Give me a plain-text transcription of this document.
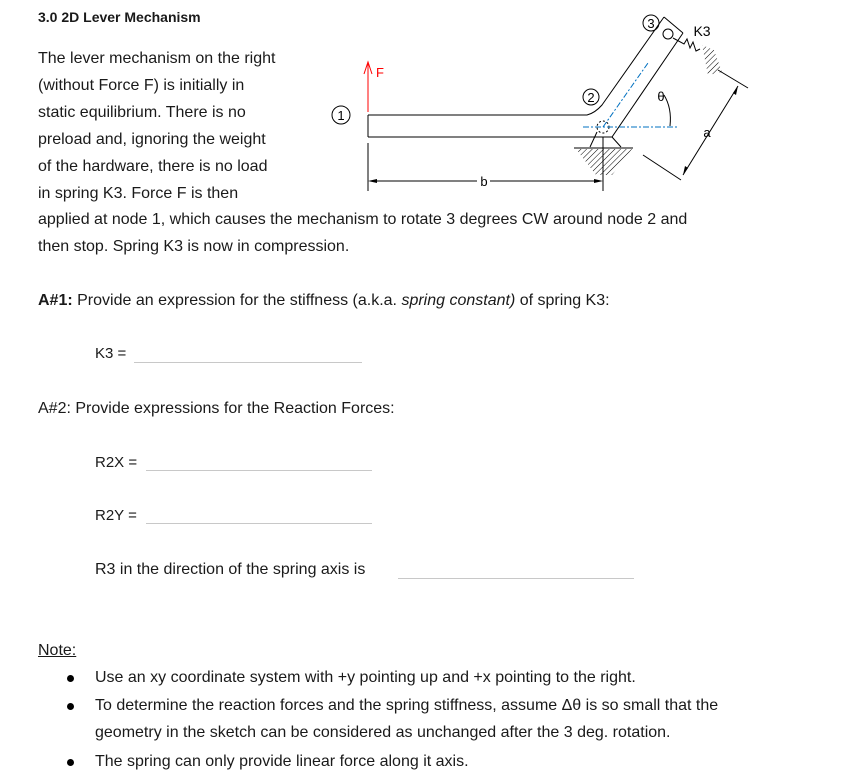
3.0 2D Lever Mechanism
The lever mechanism on the right
(without Force F) is initially in
static equilibrium. There is no
preload and, ignoring the weight
of the hardware, there is no load
in spring K3. Force F is then
applied at node 1, which causes the mechanism to rotate 3 degrees CW around node 2 and
then stop. Spring K3 is now in compression.
1
2
3
F
K3
θ
a
b
A#1: Provide an expression for the stiffness (a.k.a. spring constant) of spring K3:
K3 =
A#2: Provide expressions for the Reaction Forces:
R2X =
R2Y =
R3 in the direction of the spring axis is
Note:
Use an xy coordinate system with +y pointing up and +x pointing to the right.
To determine the reaction forces and the spring stiffness, assume Δθ is so small that the
geometry in the sketch can be considered as unchanged after the 3 deg. rotation.
The spring can only provide linear force along it axis.
